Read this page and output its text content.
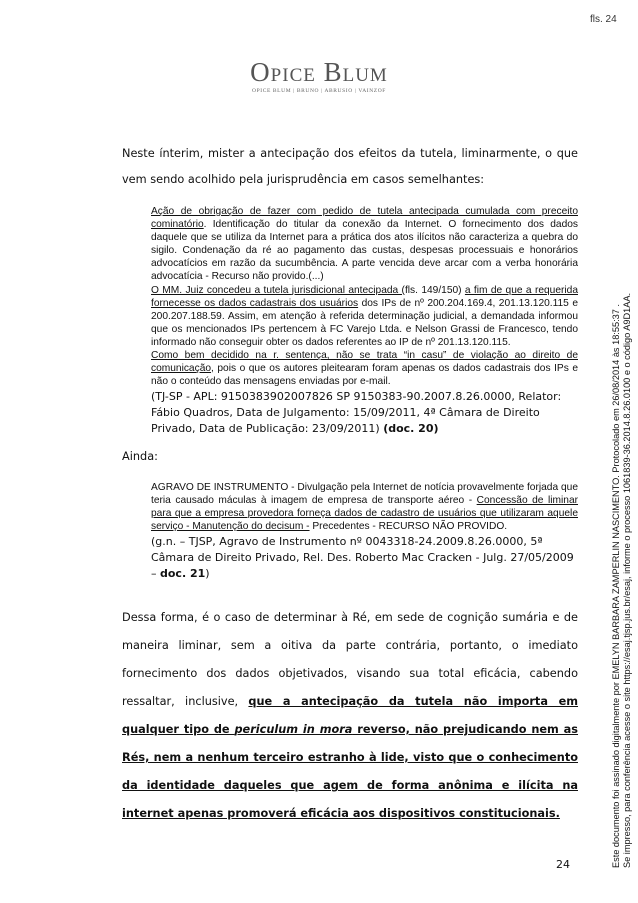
fls. 24
Opice Blum
OPICE BLUM | BRUNO | ABRUSIO | VAINZOF
Neste ínterim, mister a antecipação dos efeitos da tutela, liminarmente, o que vem sendo acolhido pela jurisprudência em casos semelhantes:
Ação de obrigação de fazer com pedido de tutela antecipada cumulada com preceito cominatório. Identificação do titular da conexão da Internet. O fornecimento dos dados daquele que se utiliza da Internet para a prática dos atos ilícitos não caracteriza a quebra do sigilo. Condenação da ré ao pagamento das custas, despesas processuais e honorários advocatícios em razão da sucumbência. A parte vencida deve arcar com a verba honorária advocatícia - Recurso não provido.(...)
O MM. Juiz concedeu a tutela jurisdicional antecipada (fls. 149/150) a fim de que a requerida fornecesse os dados cadastrais dos usuários dos IPs de nº 200.204.169.4, 201.13.120.115 e 200.207.188.59. Assim, em atenção à referida determinação judicial, a demandada informou que os mencionados IPs pertencem à FC Varejo Ltda. e Nelson Grassi de Francesco, tendo informado não conseguir obter os dados referentes ao IP de nº 201.13.120.115.
Como bem decidido na r. sentença, não se trata “in casu” de violação ao direito de comunicação, pois o que os autores pleitearam foram apenas os dados cadastrais dos IPs e não o conteúdo das mensagens enviadas por e-mail.
(TJ-SP - APL: 9150383902007826 SP 9150383-90.2007.8.26.0000, Relator: Fábio Quadros, Data de Julgamento: 15/09/2011, 4ª Câmara de Direito Privado, Data de Publicação: 23/09/2011) (doc. 20)
Ainda:
AGRAVO DE INSTRUMENTO - Divulgação pela Internet de notícia provavelmente forjada que teria causado máculas à imagem de empresa de transporte aéreo - Concessão de liminar para que a empresa provedora forneça dados de cadastro de usuários que utilizaram aquele serviço - Manutenção do decisum - Precedentes - RECURSO NÃO PROVIDO.
(g.n. – TJSP, Agravo de Instrumento nº 0043318-24.2009.8.26.0000, 5ª Câmara de Direito Privado, Rel. Des. Roberto Mac Cracken - Julg. 27/05/2009 – doc. 21)
Dessa forma, é o caso de determinar à Ré, em sede de cognição sumária e de maneira liminar, sem a oitiva da parte contrária, portanto, o imediato fornecimento dos dados objetivados, visando sua total eficácia, cabendo ressaltar, inclusive, que a antecipação da tutela não importa em qualquer tipo de periculum in mora reverso, não prejudicando nem as Rés, nem a nenhum terceiro estranho à lide, visto que o conhecimento da identidade daqueles que agem de forma anônima e ilícita na internet apenas promoverá eficácia aos dispositivos constitucionais.
24	Este documento foi assinado digitalmente por EMELYN BARBARA ZAMPERLIN NASCIMENTO. Protocolado em 26/08/2014 às 18:55:37 . Se impresso, para conferência acesse o site https://esaj.tjsp.jus.br/esaj, informe o processo 1061839-36.2014.8.26.0100 e o código A9D1AA.
